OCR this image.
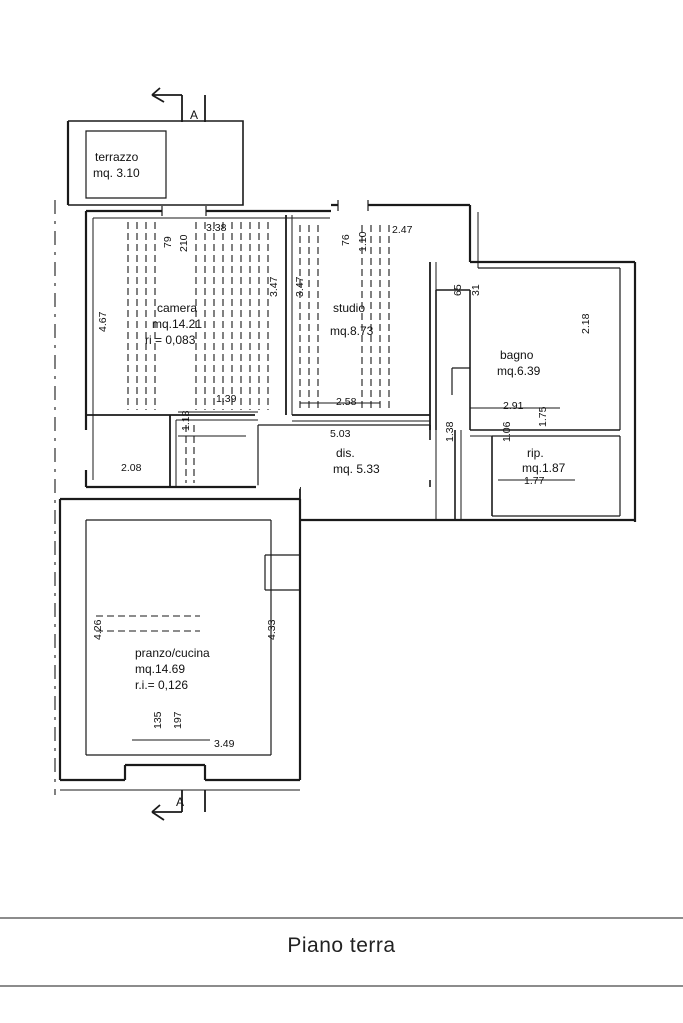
A
A
terrazzo
mq. 3.10
camera
mq.14.21
ri = 0,083
studio
mq.8.73
bagno
mq.6.39
rip.
mq.1.87
dis.
mq. 5.33
pranzo/cucina
mq.14.69
r.i.= 0,126
3.38	2.47
1.39	2.58
2.08
5.03
2.91
1.77
3.49
79 210	76 1.10
4.67
3.47 3.47	65 31
2.18
1.18
1.38	1.06
1.75
4.26	4.33
135 197
Piano terra
